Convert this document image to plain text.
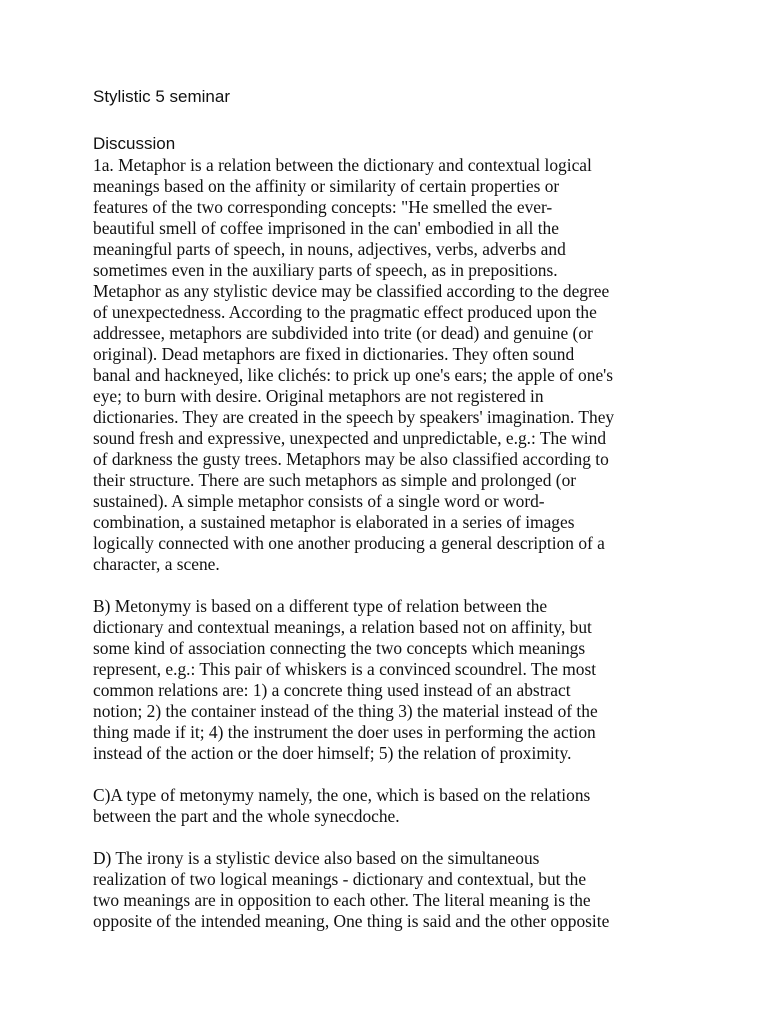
Stylistic 5 seminar
Discussion

1a. Metaphor is a relation between the dictionary and contextual logical
meanings based on the affinity or similarity of certain properties or
features of the two corresponding concepts: "He smelled the ever-
beautiful smell of coffee imprisoned in the can' embodied in all the
meaningful parts of speech, in nouns, adjectives, verbs, adverbs and
sometimes even in the auxiliary parts of speech, as in prepositions.
Metaphor as any stylistic device may be classified according to the degree
of unexpectedness. According to the pragmatic effect produced upon the
addressee, metaphors are subdivided into trite (or dead) and genuine (or
original). Dead metaphors are fixed in dictionaries. They often sound
banal and hackneyed, like clichés: to prick up one's ears; the apple of one's
eye; to burn with desire. Original metaphors are not registered in
dictionaries. They are created in the speech by speakers' imagination. They
sound fresh and expressive, unexpected and unpredictable, e.g.: The wind
of darkness the gusty trees. Metaphors may be also classified according to
their structure. There are such metaphors as simple and prolonged (or
sustained). A simple metaphor consists of a single word or word-
combination, a sustained metaphor is elaborated in a series of images
logically connected with one another producing a general description of a
character, a scene.

B) Metonymy is based on a different type of relation between the
dictionary and contextual meanings, a relation based not on affinity, but
some kind of association connecting the two concepts which meanings
represent, e.g.: This pair of whiskers is a convinced scoundrel. The most
common relations are: 1) a concrete thing used instead of an abstract
notion; 2) the container instead of the thing 3) the material instead of the
thing made if it; 4) the instrument the doer uses in performing the action
instead of the action or the doer himself; 5) the relation of proximity.

C)A type of metonymy namely, the one, which is based on the relations
between the part and the whole synecdoche.

D) The irony is a stylistic device also based on the simultaneous
realization of two logical meanings - dictionary and contextual, but the
two meanings are in opposition to each other. The literal meaning is the
opposite of the intended meaning, One thing is said and the other opposite
